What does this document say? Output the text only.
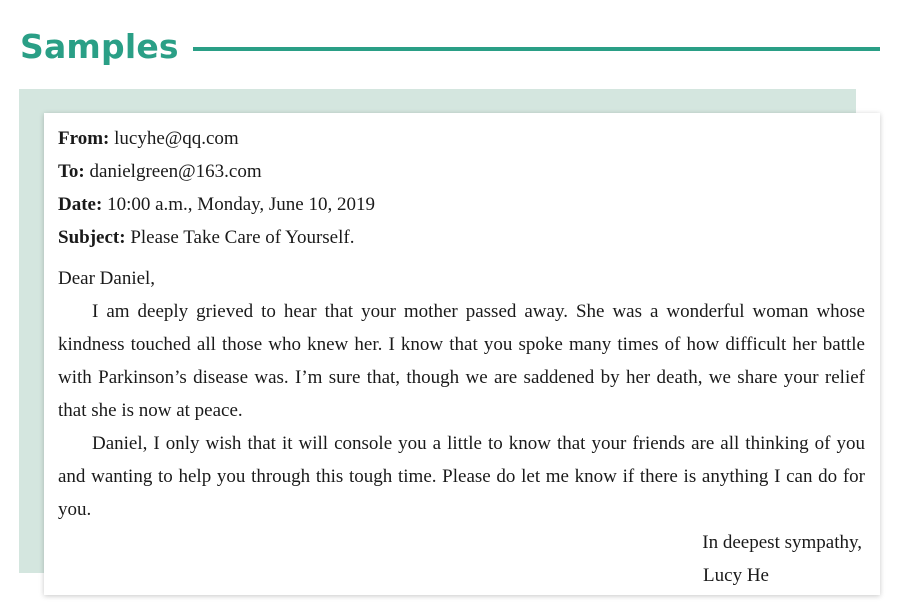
Samples
From: lucyhe@qq.com
To: danielgreen@163.com
Date: 10:00 a.m., Monday, June 10, 2019
Subject: Please Take Care of Yourself.
Dear Daniel,

I am deeply grieved to hear that your mother passed away. She was a wonderful woman whose kindness touched all those who knew her. I know that you spoke many times of how difficult her battle with Parkinson’s disease was. I’m sure that, though we are saddened by her death, we share your relief that she is now at peace.

Daniel, I only wish that it will console you a little to know that your friends are all thinking of you and wanting to help you through this tough time. Please do let me know if there is anything I can do for you.

In deepest sympathy,
Lucy He
